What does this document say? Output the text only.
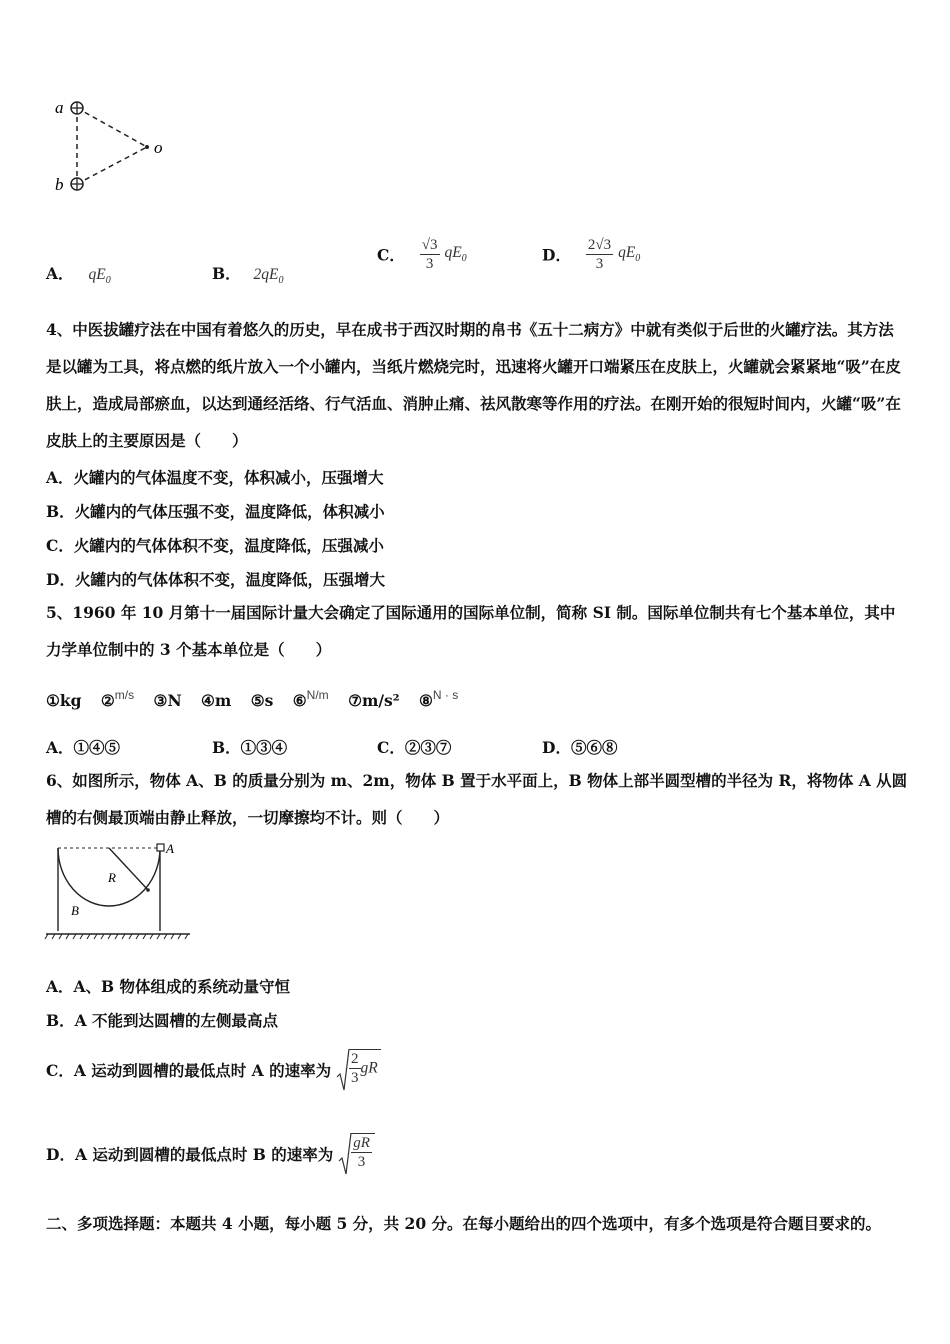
a
b
o
A． $qE_0$	B． $2qE_0$
C． $\frac{√3}{3} qE_0$	D． $\frac{2√3}{3} qE_0$
4、中医拔罐疗法在中国有着悠久的历史，早在成书于西汉时期的帛书《五十二病方》中就有类似于后世的火罐疗法。其方法是以罐为工具，将点燃的纸片放入一个小罐内，当纸片燃烧完时，迅速将火罐开口端紧压在皮肤上，火罐就会紧紧地“吸”在皮肤上，造成局部瘀血，以达到通经活络、行气活血、消肿止痛、祛风散寒等作用的疗法。在刚开始的很短时间内，火罐“吸”在皮肤上的主要原因是（　　）
A．火罐内的气体温度不变，体积减小，压强增大
B．火罐内的气体压强不变，温度降低，体积减小
C．火罐内的气体体积不变，温度降低，压强减小
D．火罐内的气体体积不变，温度降低，压强增大
5、1960 年 10 月第十一届国际计量大会确定了国际通用的国际单位制，简称 SI 制。国际单位制共有七个基本单位，其中力学单位制中的 3 个基本单位是（　　）
①kg ②$^{m/s}$ ③N ④m ⑤s ⑥$^{N/m}$ ⑦m/s² ⑧$^{N \cdot s}$
A．①④⑤	B．①③④	C．②③⑦	D．⑤⑥⑧
6、如图所示，物体 A、B 的质量分别为 m、2m，物体 B 置于水平面上，B 物体上部半圆型槽的半径为 R，将物体 A 从圆槽的右侧最顶端由静止释放，一切摩擦均不计。则（　　）
A
R
B
A．A、B 物体组成的系统动量守恒
B．A 不能到达圆槽的左侧最高点
C．A 运动到圆槽的最低点时 A 的速率为 $\frac{2}{3}$ gR
D．A 运动到圆槽的最低点时 B 的速率为 $\frac{gR}{3}$
二、多项选择题：本题共 4 小题，每小题 5 分，共 20 分。在每小题给出的四个选项中，有多个选项是符合题目要求的。
